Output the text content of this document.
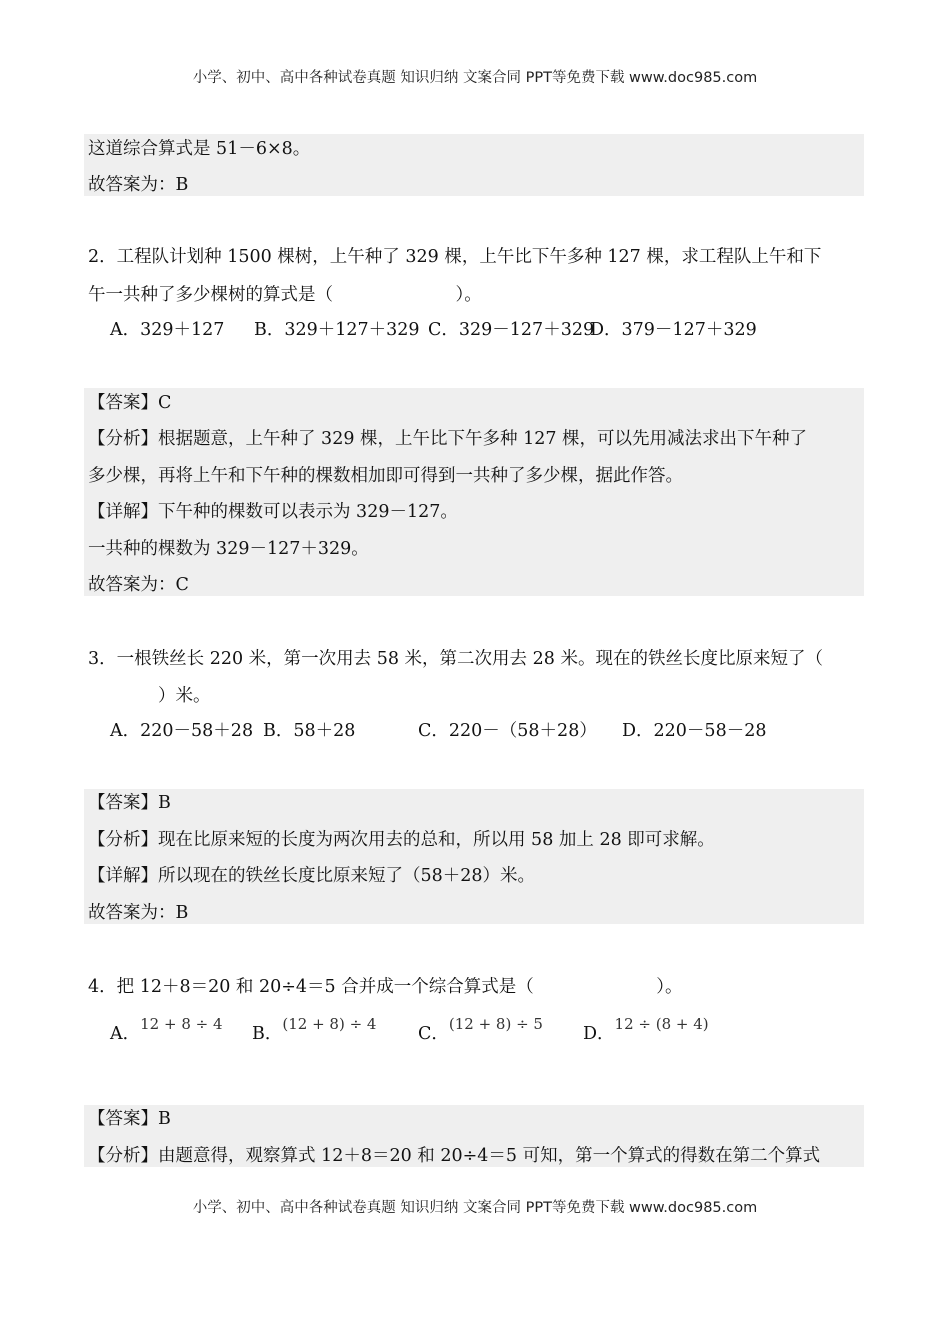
小学、初中、高中各种试卷真题 知识归纳 文案合同 PPT等免费下载 www.doc985.com
这道综合算式是 51－6×8。
故答案为：B
2．工程队计划种 1500 棵树，上午种了 329 棵，上午比下午多种 127 棵，求工程队上午和下
午一共种了多少棵树的算式是（　　　　　　　）。
A．329＋127 B．329＋127＋329 C．329－127＋329
D．379－127＋329
【答案】C
【分析】根据题意，上午种了 329 棵，上午比下午多种 127 棵，可以先用减法求出下午种了
多少棵，再将上午和下午种的棵数相加即可得到一共种了多少棵，据此作答。
【详解】下午种的棵数可以表示为 329－127。
一共种的棵数为 329－127＋329。
故答案为：C
3．一根铁丝长 220 米，第一次用去 58 米，第二次用去 28 米。现在的铁丝长度比原来短了（
　　　　）米。
A．220－58＋28 B．58＋28	C．220－（58＋28） D．220－58－28
【答案】B
【分析】现在比原来短的长度为两次用去的总和，所以用 58 加上 28 即可求解。
【详解】所以现在的铁丝长度比原来短了（58＋28）米。
故答案为：B
4．把 12＋8＝20 和 20÷4＝5 合并成一个综合算式是（　　　　　　　）。
A．12 + 8 ÷ 4 B．(12 + 8) ÷ 4 C．(12 + 8) ÷ 5 D．12 ÷ (8 + 4)
【答案】B
【分析】由题意得，观察算式 12＋8＝20 和 20÷4＝5 可知，第一个算式的得数在第二个算式
小学、初中、高中各种试卷真题 知识归纳 文案合同 PPT等免费下载 www.doc985.com
